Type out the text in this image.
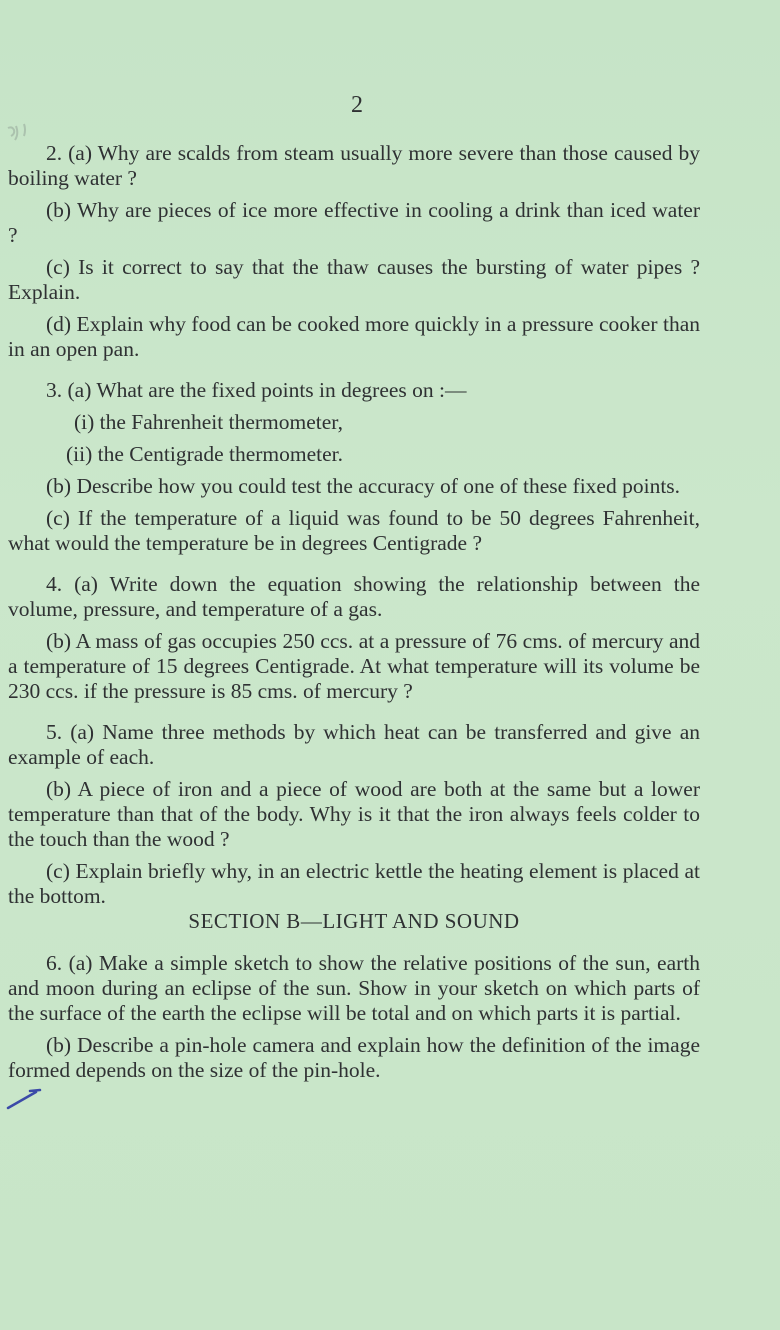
2

2. (a) Why are scalds from steam usually more severe than those caused by boiling water ?

(b) Why are pieces of ice more effective in cooling a drink than iced water ?

(c) Is it correct to say that the thaw causes the bursting of water pipes ? Explain.

(d) Explain why food can be cooked more quickly in a pressure cooker than in an open pan.

3. (a) What are the fixed points in degrees on :—

(i) the Fahrenheit thermometer,

(ii) the Centigrade thermometer.

(b) Describe how you could test the accuracy of one of these fixed points.

(c) If the temperature of a liquid was found to be 50 degrees Fahrenheit, what would the temperature be in degrees Centigrade ?

4. (a) Write down the equation showing the relationship between the volume, pressure, and temperature of a gas.

(b) A mass of gas occupies 250 ccs. at a pressure of 76 cms. of mercury and a temperature of 15 degrees Centigrade. At what temperature will its volume be 230 ccs. if the pressure is 85 cms. of mercury ?

5. (a) Name three methods by which heat can be transferred and give an example of each.

(b) A piece of iron and a piece of wood are both at the same but a lower temperature than that of the body. Why is it that the iron always feels colder to the touch than the wood ?

(c) Explain briefly why, in an electric kettle the heating element is placed at the bottom.

SECTION B—LIGHT AND SOUND

6. (a) Make a simple sketch to show the relative positions of the sun, earth and moon during an eclipse of the sun. Show in your sketch on which parts of the surface of the earth the eclipse will be total and on which parts it is partial.

(b) Describe a pin-hole camera and explain how the definition of the image formed depends on the size of the pin-hole.
